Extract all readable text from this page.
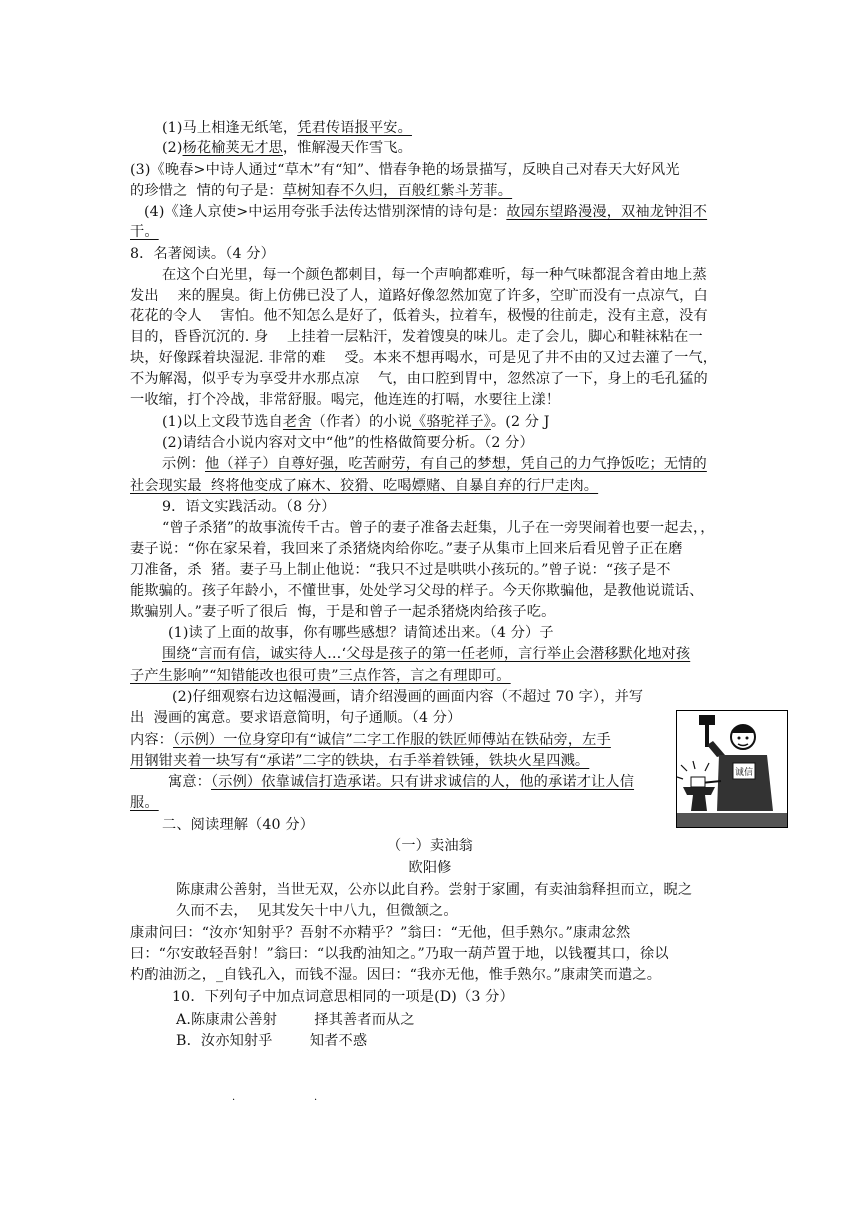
(1)马上相逢无纸笔，凭君传语报平安。
(2)杨花榆荚无才思，惟解漫天作雪飞。
(3)《晚春>中诗人通过“草木”有“知”、惜春争艳的场景描写，反映自己对春天大好风光
的珍惜之  情的句子是：草树知春不久归，百般红紫斗芳菲。
(4)《逢人京使>中运用夸张手法传达惜别深情的诗句是：故园东望路漫漫，双袖龙钟泪不
干。
8．名著阅读。（4 分）
在这个白光里，每一个颜色都刺目，每一个声响都难听，每一种气味都混含着由地上蒸
发出    来的腥臭。街上仿佛已没了人，道路好像忽然加宽了许多，空旷而没有一点凉气，白
花花的令人    害怕。他不知怎么是好了，低着头，拉着车，极慢的往前走，没有主意，没有
目的，昏昏沉沉的. 身    上挂着一层粘汗，发着馊臭的味儿。走了会儿，脚心和鞋袜粘在一
块，好像踩着块湿泥. 非常的难    受。本来不想再喝水，可是见了井不由的又过去灌了一气，
不为解渴，似乎专为享受井水那点凉    气，由口腔到胃中，忽然凉了一下，身上的毛孔猛的
一收缩，打个冷战，非常舒服。喝完，他连连的打嗝，水要往上漾！
(1)以上文段节选自老舍（作者）的小说《骆驼祥子》。(2 分 J
(2)请结合小说内容对文中“他”的性格做简要分析。（2 分）
示例：他（祥子）自尊好强，吃苦耐劳，有自己的梦想，凭自己的力气挣饭吃；无情的
社会现实最  终将他变成了麻木、狡猾、吃喝嫖赌、自暴自弃的行尸走肉。
9．语文实践活动。（8 分）
“曾子杀猪”的故事流传千古。曾子的妻子准备去赶集，儿子在一旁哭闹着也要一起去，，
妻子说：“你在家呆着，我回来了杀猪烧肉给你吃。”妻子从集市上回来后看见曾子正在磨
刀准备，杀  猪。妻子马上制止他说：“我只不过是哄哄小孩玩的。”曾子说：“孩子是不
能欺骗的。孩子年龄小，不懂世事，处处学习父母的样子。今天你欺骗他，是教他说谎话、
欺骗别人。”妻子听了很后  悔，于是和曾子一起杀猪烧肉给孩子吃。
(1)读了上面的故事，你有哪些感想？请简述出来。（4 分）子
围绕“言而有信，诚实待人…‘父母是孩子的第一任老师，言行举止会潜移默化地对孩
子产生影响”“知错能改也很可贵”三点作答，言之有理即可。
(2)仔细观察右边这幅漫画，请介绍漫画的画面内容（不超过 70 字），并写
出  漫画的寓意。要求语意简明，句子通顺。（4 分）
内容：（示例）一位身穿印有“诚信”二字工作服的铁匠师傅站在铁砧旁，左手
用钢钳夹着一块写有“承诺”二字的铁块，右手举着铁锤，铁块火星四溅。
寓意：（示例）依靠诚信打造承诺。只有讲求诚信的人，他的承诺才让人信
服。
二、阅读理解（40 分）
（一）卖油翁
欧阳修
陈康肃公善射，当世无双，公亦以此自矜。尝射于家圃，有卖油翁释担而立，睨之
久而不去，  见其发矢十中八九，但微颔之。
康肃问曰：“汝亦‘知射乎？吾射不亦精乎？”翁曰：“无他，但手熟尔。”康肃忿然
曰：“尔安敢轻吾射！”翁曰：“以我酌油知之。”乃取一葫芦置于地，以钱覆其口，徐以
杓酌油沥之，_自钱孔入，而钱不湿。因曰：“我亦无他，惟手熟尔。”康肃笑而遣之。
10．下列句子中加点词意思相同的一项是(D)（3 分）
A.陈康肃公善射        择其善者而从之
B．汝亦知射乎        知者不惑
诚信
·	·
